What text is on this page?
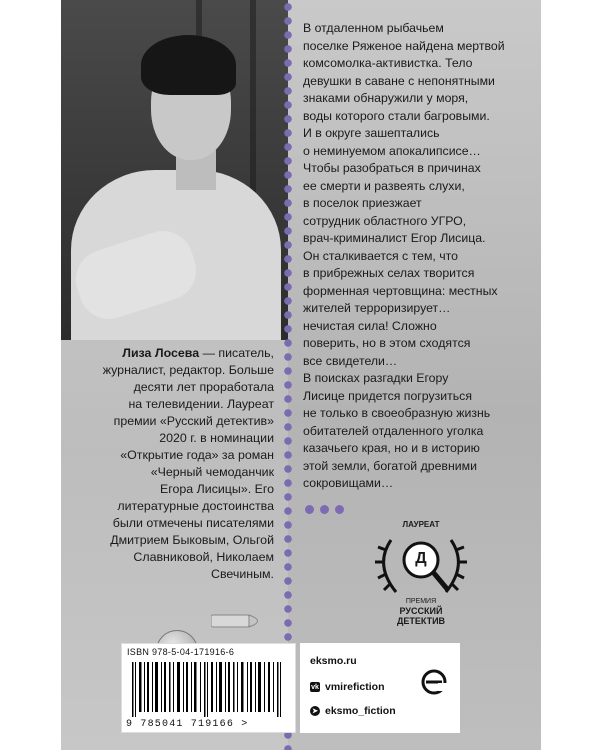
Лиза Лосева — писатель,
журналист, редактор. Больше
десяти лет проработала
на телевидении. Лауреат
премии «Русский детектив»
2020 г. в номинации
«Открытие года» за роман
«Черный чемоданчик
Егора Лисицы». Его
литературные достоинства
были отмечены писателями
Дмитрием Быковым, Ольгой
Славниковой, Николаем
Свечиным.

В отдаленном рыбачьем
поселке Ряженое найдена мертвой
комсомолка-активистка. Тело
девушки в саване с непонятными
знаками обнаружили у моря,
воды которого стали багровыми.
И в округе зашептались
о неминуемом апокалипсисе…
Чтобы разобраться в причинах
ее смерти и развеять слухи,
в поселок приезжает
сотрудник областного УГРО,
врач-криминалист Егор Лисица.
Он сталкивается с тем, что
в прибрежных селах творится
форменная чертовщина: местных
жителей терроризирует…
нечистая сила! Сложно
поверить, но в этом сходятся
все свидетели…
В поисках разгадки Егору
Лисице придется погрузиться
не только в своеобразную жизнь
обитателей отдаленного уголка
казачьего края, но и в историю
этой земли, богатой древними
сокровищами…

ЛАУРЕАТ
Д
ПРЕМИЯ
РУССКИЙ
ДЕТЕКТИВ
ISBN 978-5-04-171916-6
9 785041 719166 >
eksmo.ru
vk vmirefiction
➤ eksmo_fiction
